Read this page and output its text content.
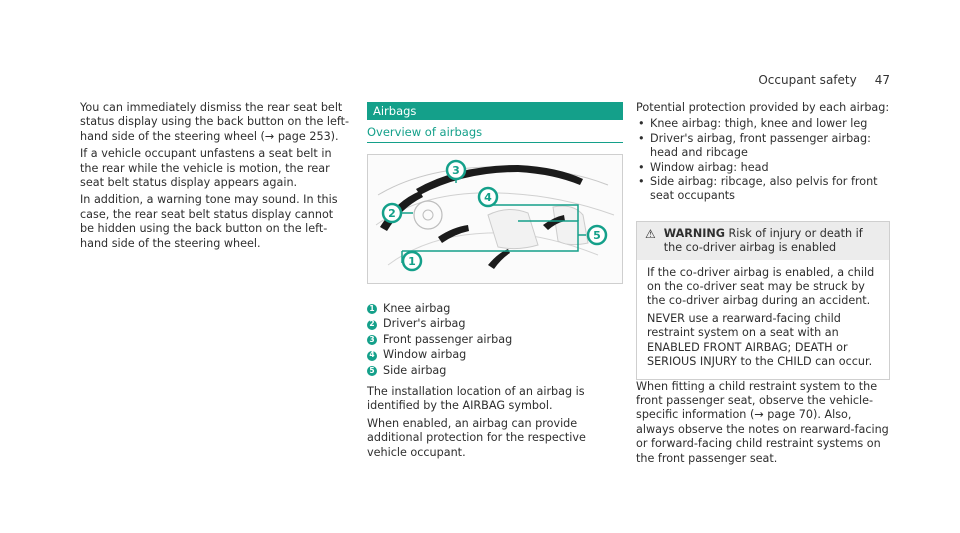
Occupant safety 47

You can immediately dismiss the rear seat belt status display using the back button on the left-hand side of the steering wheel (→ page 253).

If a vehicle occupant unfastens a seat belt in the rear while the vehicle is motion, the rear seat belt status display appears again.

In addition, a warning tone may sound. In this case, the rear seat belt status display cannot be hidden using the back button on the left-hand side of the steering wheel.

Airbags
Overview of airbags
3
4
2
1
5
1 Knee airbag
2 Driver's airbag
3 Front passenger airbag
4 Window airbag
5 Side airbag

The installation location of an airbag is identified by the AIRBAG symbol.

When enabled, an airbag can provide additional protection for the respective vehicle occupant.

Potential protection provided by each airbag:

• Knee airbag: thigh, knee and lower leg
• Driver's airbag, front passenger airbag: head and ribcage
• Window airbag: head
• Side airbag: ribcage, also pelvis for front seat occupants
⚠ WARNING Risk of injury or death if the co-driver airbag is enabled

If the co-driver airbag is enabled, a child on the co-driver seat may be struck by the co-driver airbag during an accident.

NEVER use a rearward-facing child restraint system on a seat with an ENABLED FRONT AIRBAG; DEATH or SERIOUS INJURY to the CHILD can occur.

When fitting a child restraint system to the front passenger seat, observe the vehicle-specific information (→ page 70). Also, always observe the notes on rearward-facing or forward-facing child restraint systems on the front passenger seat.
